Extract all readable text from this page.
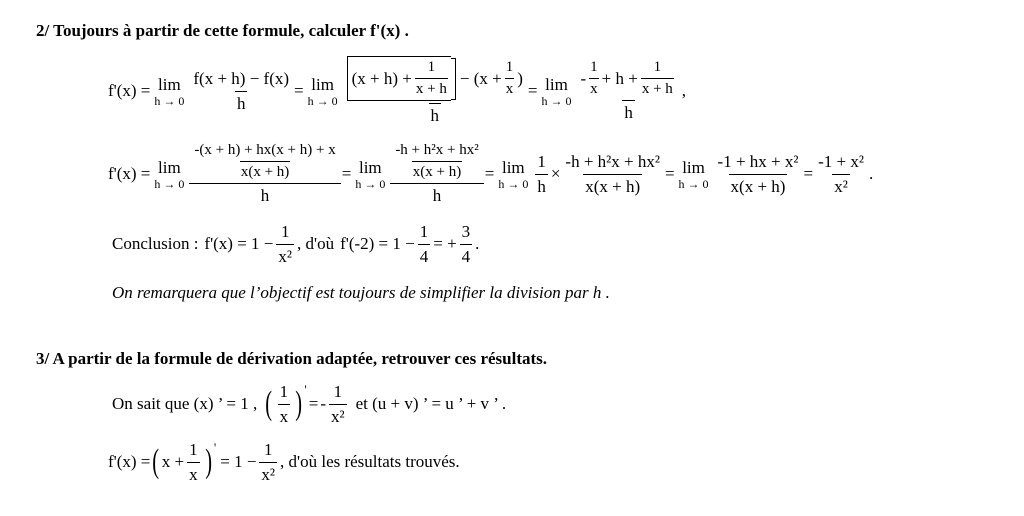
2/ Toujours à partir de cette formule, calculer f'(x) .
f'(x) = lim
$h \to 0 \frac{f(x + h) - f(x)}{h} = \lim$
h → 0
$(x + h) + \frac{1}{x + h} - (x + \frac{1}{x}$ )
h
= lim
$h \to 0 \frac{- \frac{1}{x} + h + \frac{1}{x + h}}{h}$ ,
f'(x) = lim
$h \to 0 \frac{\frac{-(x + h) + hx(x + h) + x}{x(x + h)}}{h} = \lim$
$h \to 0 \frac{\frac{\text{-h + h²x + hx²}}{x(x + h)}}{h} = \lim$
$h \to 0 \frac{1}{h} \times \frac{\text{-h + h²x + hx²}}{x(x + h)} = \lim$
$h \to 0 \frac{\text{-1 + hx + x²}}{x(x + h)} = \frac{\text{-1 + x²}}{\text{x²}}$ .
Conclusion : $f'(x) = 1 - \frac{1}{\text{x²}}$ , d'où $f'(-2) = 1 - \frac{1}{4}$ = + $\frac{3}{4}$ .
On remarquera que l’objectif est toujours de simplifier la division par h .
3/ A partir de la formule de dérivation adaptée, retrouver ces résultats.
On sait que (x) ’ = 1 , ( $\frac{1}{x}$ ) '
= - $\frac{1}{\text{x²}}$ et (u + v) ’ = u ’ + v ’ .
f'(x) = ( $x + \frac{1}{x}$ ) '
= $1 - \frac{1}{\text{x²}}$ , d'où les résultats trouvés.
